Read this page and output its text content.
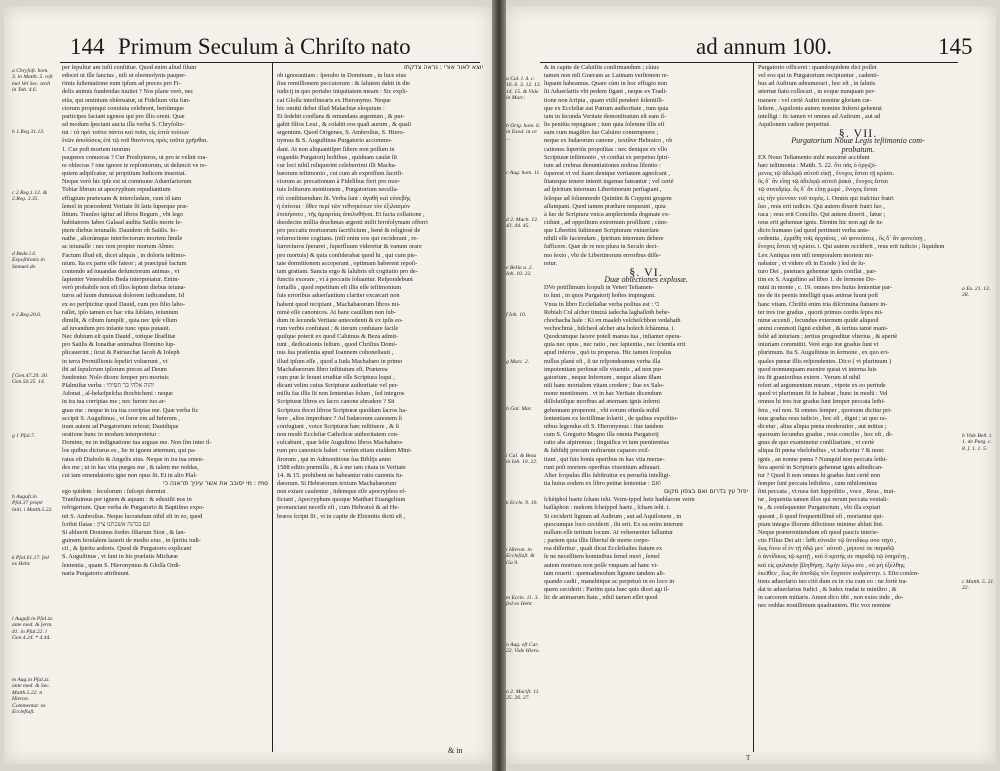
144 Primum Seculum à Chriſto nato

a Chryſoſt. hom. 3. in Matth. 5. reſt mel Vel Sec. tenli in Tob. 4.6.

b 1.Reg.31.13.

c 2.Reg.1.12. & 2.Reg. 3.35.

d Beda l.4. Expoſitionis in Samuel.de.

e 2.Reg.20.6.

f Gen.47.29. 30. Gen.50.25. 14.

g 1 Pſal.7.

h Auguſt.in Pſal.37 propè initi. i Matth.5.22.

k Pſal.61.17. ſed ex Hebr.

l Auguſt.in Pſal.zz. ante med. & ſerm. 41. in Pſal.22. l Gen.4.24. * 4.44.

m Aug.in Pſal.zz. ante med. & Sec. Matth.5.22. n Hieron. Commentar. ex Ecclefiaſt.

per ſepultur am iuſtì conſtitue. Quod enim aliud ſilum

edocet ut ille ſanctus , nili ut eleemoſynis pauper-

rimis ſuſtentatione eum ipſum ad preces pro Fi-

delis animis fundendas iuuitet ? Nos plane verò, nec

eiùs, qui ominium obſeruatur, ut Fidelium vita fun-

ctorum propinqui conuiuia celebrent, heriùmque

participes faciant egenos qui pro illis orent. Quæ

ad modum ſpectant aucta illa verba S. Chryſoſto-

mi : τὰ πρὸ τοῦτα πάντα καὶ ποῖα, εἰς ἑπτὰ τούτων

ἐτῶν ἀπολύσεις ἐπὶ τῷ τοῦ θανόντος πρὸς ταῦτα χρῆσθαι.

1. Cur poſt mortem tuorum

pauperes conuocas ? Cur Presbyteros, ut pro te velint ora-

re obſecras ? one ignore te repſontorum, ut deſuncti ve re-

quiem adipiſcatur, ut propitium Iudicem inueniat.

Neque verò hic ipſe est ut commune Aduerſariorum

Tobiæ librum ut apocryphum repudiantium

effugium prætexam & intercludam, cum id iam

ſemel in præcedenti Veritate ſit ſatis ſuperque præ-

ſtitum. Tranſeo igitur ad libros Regum , vbi lego

habitatores Iabes Galaad audita Saülis morte le-

piem diebus ieiunaſſe. Dauidem ob Saülis. Io-

nathe , aliorúmque interfectorum mortem ſimile

ac ieiunaſſe : nec non propter mortem Abner.

Factum illud eſt, dicet aliquis , in doloris teſtimo-

nium. Ita ex parte eſſe fateor ; at præcipuè factum

contendo ad iuuandas defunctorum animas , vt

ſapienter Venerabilis Beda interpretatur. Enim-

verò probabile non eſt illos ſeptem diebus ieiuna-

turos ad ſuum dumtaxat dolorem iudicandum. Id

ex eo perſpicitur quod Dauid, cum pro filio labo-

raſſet, ipſo tamen ex hac vita ſublato, ieiunium

dimiſit, & cibum ſumpſit , quia nec ipſe vllum

ad iuvandum pro infante tunc opus putauit.

Nec dubium eſt quin Dauid , totique Iſraëlitæ

pro Saülis & Ionathæ animabus Domino ſup-

plicauerint ; ſicut & Patriarchæ Iacob & Ioſeph

in terra Promiſſionis ſepeliri voluerunt , vt

ibi ad ſepulcrum ipſorum preces ad Deum

fundentur. Nolo dicere ſemper pro mortuis

Pſalmiſtæ verba : יהוה אלהי בך חסיתי

Adonai , al-hekeſpeſcha thocbicheni : neque

in ira tua corripias me ; nec furore tuo ar-

guas me : neque in ira tua corripias me. Quæ verba fic

accipit S. Auguſtinus , vt ſoror em ad Inferum ,

iram autem ad Purgatorium referat; Dauidique

oratione hunc in modum interpretetur :

Domine, ne in indignatione tua arguas me. Non ſim inter il-

los quibus dicturus es , Ite in ignem æternum, qui pa-

ratus eſt Diabolo & Angelis eius. Neque in ira tua emen-

des me ; ut in hac vita purges me , & talem me reddas,

cui iam emendatorio igne non opus ſit. Et in alio Pſal-

mo : מי יסובב את אשר עיניך תראנה כי

ego quidem : ſeculorum : ſuſcepi dormiui .

Tranſiuimus per ignem & aquam : & eduxiſti nos in

refrigerium. Quæ verba de Purgatorio & Baptiſmo expo-

nit S. Ambroſius. Neque lucrandum nihil eſt in eo, quod

ſcribit Iſaias : וגם בגרנה אשכתנו ציון

Si abluerit Dominus ſordes filiarum Sion , & ſan-

guinem Ieruſalem lauerit de medio eius , in ſpiritu iudi-

cii , & ſpiritu ardoris. Quod de Purgatorio explicant

S. Auguſtinus , vt ſunt in his præfatis Michææ

ſententia , quam S. Hieronymus & Gloſſa Ordi-

naria Purgatorio attribuunt.

יוצא לאור אורי : נראה צדקתו

ob ignorantiam : ſperabo in Dominum , in luce eius

ſiue remiſſionem peccatorum : & ſalutem dabit in die

iudicij in quo portabo iniquitatem meam : Sic expli-

cat Gloſſa interlinearis ex Hieronymo. Neque

hic omitti debet illud Malachiæ eloquium :

Et ſedebit conflans & emundans argentum , & pur-

gabit filios Leui , & colabit eos quaſi aurum , & quaſi

argentum. Quod Origenes, S. Ambroſius, S. Hiero-

nymus & S. Auguſtinus Purgatorio accommo-

dant. At non aliquantiſper ſiſtere non poſſum in

rogandis Purgatorij hoſtibus , quidnam cauſæ ſit

cur loci nihil reliquerint celeberrimi illi Macha-

bæorum teſtimonio , cui cum ab expreſſum ſacrifi-

ciorum ac precationum à Fidelibus fieri pro mor-

tuis ſolitarum mentionem , Purgatorium neceſſa-

riò conſtituendum ſit. Verba ſunt : ἀγαθὴ καὶ εὐσεβὴς

ἡ ἐπίνοια · ὅθεν περὶ τῶν τεθνηκότων τὸν ἐξιλασμὸν

ἐποιήσατο , τῆς ἁμαρτίας ἀπολυθῆναι. Et facta collatione ,

duodecim millia drachmas argenti miſit Ieroſolymam offerri

pro peccatis mortuorum ſacrificium , benè & religiosè de

reſurrectione cogitans. (niſi enim eos qui ceciderant , re-

ſurrecturos ſperaret , ſuperfluum videretur & vanum orare

pro mortuis) & quia conſiderabat quod hi , qui cum pie-

tate dormitionem acceperant , optimam haberent repoſi-

tam gratiam. Sancta ergo & ſalubris eſt cogitatio pro de-

functis exorare , vt à peccatis ſoluantur. Reſpondebunt

ſortaſſis , quod repetitum eſt illis eſſe teſtimonium

ſuis erroribus aduerſantium clariter excæcari non

habent quod recipiant , Machabæorum libros mi-

nimè eſſe canonicos. At hanc cauillum non ſub-

dum in ſecunda Veritate antecedenti & ex ipſis eo-

rum verbis confutaui ; & iterum confutare facile

quiſque poterit ex quod Caluinus & Beza admit-

tunt , dedicationis feſtum , quod Chriſtus Domi-

nus ſua præſentia apud Ioannem cohoneſtauit ,

illud ipſum eſſe , quod a Iuda Machabæo in primo

Machabæorum libro inſtitutum eſt. Præterea

cum præ ſe ferant eruditæ eſſe Scriptura loqui ,

dicant velim cuius Scripturæ authoritate vel per-

miſſu fas illis ſit non ſententias ſolum , ſed integros

Scripturæ libros ex ſacro canone abradere ? Sit

Scriptura docet libros Scripturæ quoſdam ſacros ha-

bere , alios improbare ? Ad Iudæorum canonem ſi

confugiant , voice Scripturæ hæc reſtituere , & ſi

non modò Eccleſiæ Catholicæ authoritatem con-

culcabunt , quæ ſeſte Auguſtino libros Machabæo-

rum pro canonicis habet : verùm etiam eiuſdem Mini-

ſtrorum , qui in Admonitione ſua Biblijs anno

1588 editis præmiſſa , & à me iam citata in Veritate

14. & 15. prohibent ne habeantur ratio canonis Iu-

dæorum. Si Hebræorum textum Machabæorum

non extare cauſentur , iidemque eſſe apocryphos ef-

ficiant , Apocryphum quoque Matthæi Euangelium

pronunciant neceſſe eſt , cum Hebraicè & ad He-

bræos ſcripti ſit , vt in capite de Ebionitis dictū eſt ,

& in
ad annum 100.	145

a Cal. l. 4. c. 16. 6. 3. 12. 13. 14. 15. & Vide in Marc.

b Orig. hom. 6. in Exod. in ce ...

c Aug. hom. 11.

d 2. Mach. 12. 43. 44. 45.

e Bella a. 2. Ioh. 10. 22.

f Ioh. 10.

g Marc. 2.

h Gal. Mar.

i Cal. & Beza in Ioh. 10. 22.

k Eccle. 9. 10.

l Hieron. in Eccleſiaſt. & Ga 9.

m Eccle. 11. 3. ſed ex Hebr.

n Aug. eſt Car. 22. Vide Hiero.

o 2. Maciſt. 11. 25. 26. 27.

& in capite de Caluiſtis conſirmandum ; cùius

tamen non niſi Græcam ac Latinam verſionem re-

liquam habeamus. Quare cùm in hoc effugio non

ſit Aduerſariis vbi pedem figant , neque ex Tradi-

tione non ſcripta , quam vtiliſ penderè ſolentiſſi-

que ex Eccleſiæ aut Patrum authoritate , tum quia

iam in ſecunda Veritate demonſtratum eſt eam il-

lis penitùs repugnare ; tum quia ſolemne illis eſt

eam cum magiſtro ſuo Caluino contempnere ;

neque ex Iudæorum canone , textûve Hebraico , ob

cationes ſuperiùs propoſitas : nec denique ex vllo

Scripturæ teſtimonio , vt conſtat ex perpetuo ſpiri-

tum ad crebras denuntiationes noſtras ſilentio :

ſuperest vt vel ſuam denique veritatem agnoſcant ,

ſitaneque tenere intenti ingenue fateantur ; vel certè

ad ſpiritum internum Libertinorum perſugiant ,

ſeſeque ad ſolummodo Quintini & Coppini gregem

aſſumpant. Quod tamen præſtare nequeunt , quia

à ſuo de Scriptura vnica amplectenda dogmate ex-

cidunt , ad oppoſitum extremum proſiliunt ; cùm-

que Libertini ſuſtineant Scripturam vniuerſam

nihili eſſe faciendam , ſpiritum internum debere

ſufficere. Quæ de re nos plura in Seculo deci-

mo ſexto , vbi de Libertinorum erroribus diſſe-

retur.

§. VI.

Duæ obiectiones explosæ.

DVo potiſſimum ſcopuli in Veteri Teſtamen-

to ſunt , in quos Purgatorij hoſtes impingunt.

Vnus in libro Eccleſiaſtæ verba poſitus est : כי

Rebiah Col aſcher timtzà iadecha laghaſſoth behe-

chochacha haſe : Ki en maaſeh veſcheſcbbon vedahath

vechochmà , biſcheol aſcher atta holech ſchàmma. i.

Quodcumque facere poteſt manus tua , inſtanter opera-

quia nec opus , nec ratio , nec ſapientia , nec ſcientia erit

apud inferos , quò tu properas. Hic tamen ſcopulus

nullus planè eſt , ſi ue reſpondeamus verba illa

impotentiam perſonæ eſſe viuentis , ad non pur-

gatorium , neque Infernum , neque aliam illam

niſi hanc mortalem vitam credere ; ſiue ex Salo-

mone mentionem . vt in hac Veritate dicendum

diſſolutiſque moribus ad æternam ignis inferni

gehennam properent , vbi eorum oſtenſa mihil

ſententiam ex lectiſſimæ ſolariti , de quibus expoſitio-

nibus legendus eſt S. Hieronymus : ſiue tandem

cum S. Gregorio Magno illa omnia Purgatorij

ratio abs aſpiremus ; ſinguiſica vt tum pœnitentias

& ſubſidij precum noſtrarum capaces exiſ-

tiunt , qui ſuis bonis operibus in hac vita merue-

runt poſt mortem operibus viuentium adiuuari.

Alter ſcopulus illis ſubſtruitur ex perueſtà intelligi-

tia huius eodem ex libro petitæ ſententiæ : ואם

יפול עץ בדרום ואם בצפון מקום

ſchèiphol haetz ſcham iehi. Veim-ippol hetz haddarom veim

baſſàphon : mekom ſcheippol haetz , ſcham iehi. i.

Si ceciderit lignum ad Auſtrum , aut ad Aquilonem , in

quocumque loco ceciderit , ibi erit. Ex ea enim interunt

nullum eſſe tertium locum. At vehementer falluntur

; partem quia illis liberiuſ de morte corpo-

rea diſſeritur , quali dicat Eccleſiaſtes ſtatum ex

ſe ne neceſſitem hominibus ſemel mori , ſemel

autem mortuos non poſſe vnquam ad hanc vi-

tam reuerti : quemadmodum lignum tandem ali-

quando cadit , manebitque ac perpetuò in eo loco in

quem ceciderit : Partim quia hæc quis dicet agi il-

lic de animarum ſtatu , nihil tamen eſſet quod

Purgatorio officeret : quandoquidem dici poſſet

vel eos qui in Purgatorium recipiuntur , cadenti-

bus ad Auſtrum adnumerari , hoc eſt , in ſalutis

æternæ ſtatu collocari , in eoque nunquam per-

manere : vel certè Auſtri nomine gloriam cæ-

leſtem , Aquilonis autem nomine Inferni gehennā

intelligi : ſic tamen vt omnes ad Auſtrum , aut ad

Aquilonem cadere perpetiuè.

§. VII.

Purgatorium Nouæ Legis teſtimonio com-

probatum.

EX Nouo Teſtamento mihi maximè accidunt

hæc teſtimonia : Matth. 5. 22. ὅτι πᾶς ὁ ὀργιζό-

μενος τῷ ἀδελφῷ αὐτοῦ εἰκῇ , ἔνοχος ἔσται τῇ κρίσει.

ὃς δ᾽ ἂν εἴπῃ τῷ ἀδελφῷ αὐτοῦ ῥακά , ἔνοχος ἔσται

τῷ συνεδρίῳ. ὃς δ᾽ ἂν εἴπῃ μωρέ , ἔνοχος ἔσται

εἰς τὴν γέενναν τοῦ πυρός. i. Omnis qui iraſcitur fratri

ſuo , reus erit iudicio. Qui autem dixerit fratri ſuo ,

raca ; reus erit Concilio. Qui autem dixerit , fatue ;

reus erit gehennæ ignis. Etenim hic non agi de iu-

dicio humano (ad quod pertinent verba ante-

cedentia , ἐρρέθη τοῖς ἀρχαίοις , οὐ φονεύσεις , ὃς δ᾽ ἂν φονεύσῃ ,

ἔνοχος ἔσται τῇ κρίσει. i. Qui autem occiderit , reus erit iudicio ; liquidem

Lex Antiqua non niſi temporalem mortem mi-

nabatur , vt videre eſt in Exodo ) ſed de ſu-

turo Dei , patetuex gehennæ ignis conflat , par-

tim ex S. Auguſtino ad libro 1. de ſermone Do-

mini in monte , c. 19. omnes tres huius ſententiæ par-

tes de iis peenis intelligit quas animæ luunt poſt

hanc vitam. Chriſtū enim tria diſcrimina ſtatuere in-

ter tres iræ gradus , quorū primus cordis ſepra mi-

nime accenſi , ſecundus externum quidē aliquod

animi commoti ſignū exhibet , & tertius tamē mani-

feſtè ad iniuriam ; tertius progreditur vlterius , & apertè

iniuriam committit. Verè ergo iræ gradus ſunt vt

plurimum. Ita S. Auguſtinus in ſermone , ex quo eri-

quales pœnæ illis reſpondentes. Dico ( vt plurimum )

quod nonnunquam euenire queat vt interna ſuis

ira fit granioribus extern . Verum id nihil

refert ad argumentum meum , vtpote ex eo perinde

quod vt plurimum fit fe habeat , hunc in modū : Vel

omnes hi tres iræ gradus ſunt ſemper peccata lethi-

fera , vel non. Si omnes ſemper , quorsum dicitur pri-

mus gradus reus iudicio , hoc eſt , digni ; ut quo ra-

dicetur , alius aliqua pœna moderatior , aut mitius ;

quorsum ſecundus gradus , reus concilio , hoc eſt , di-

gnus de quo examinetur conſiliarium , vt certè

aliqua ſit pœna vhelobelius , vt iudicetur ? & nunc

ignis , an nonne pœna ? Nunquid non peccata lethi-

fera apertè in Scripturis gehennæ ignis adiudican-

tur ? Quod ſi non omnes hi gradus ſunt certè non

ſemper ſunt peccata lethifera , cum nihilominus

ſint peccata , vt mea fert ſuppoſitio , voce , Reus , inui-

tæ , ſequentia tamen illos qui rerum peccata veniali-

ta , & conſequenter Purgatorium , vbi illa expiari

queant , ſi quod frequentiſſimè eſt , moriantur qui-

piam integra illorum dilictione minime abluti ſint.

Neque prætermittendum eſt quod paucis interie-

ctis Filius Dei ait : ἴσθι εὐνοῶν τῷ ἀντιδίκῳ σου ταχὺ ,

ἕως ὅτου εἶ ἐν τῇ ὁδῷ μετ᾽ αὐτοῦ , μήποτέ σε παραδῷ

ὁ ἀντίδικος τῷ κριτῇ , καὶ ὁ κριτὴς σε παραδῷ τῷ ὑπηρέτῃ ,

καὶ εἰς φυλακὴν βληθήσῃ. Ἀμὴν λέγω σοι , οὐ μὴ ἐξέλθῃς

ἐκεῖθεν , ἕως ἂν ἀποδῷς τὸν ἔσχατον κοδράντην. i. Eſto conſen-

tiens aduerſario tuo citò dum es in via cum eo : ne fortè tra-

dat te aduerſarius Iudici , & Iudex tradat te miniſtro , &

in carcerem mittaris. Amen dico tibi , non exies inde , do-

nec reddas nouiſſimum quadrantem. Hic vox nomine

a Ex. 21. 12. 28.

b Vide Bell. l. 1. de Purg. c. 8. ſ. 1. 1. 5.

c Matth. 5. 21. 22.

T
